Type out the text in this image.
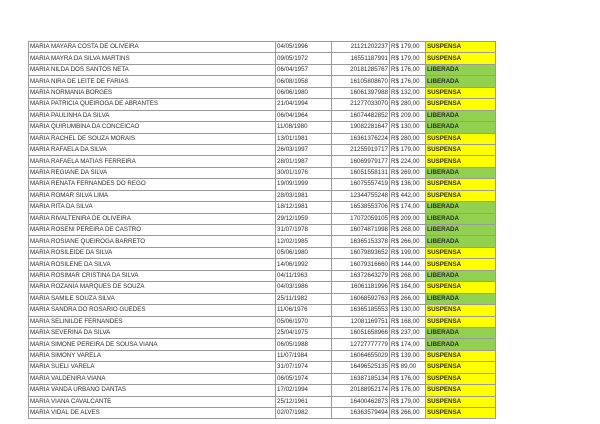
MARIA MAYARA COSTA DE OLIVEIRA	04/05/1996	21121202237	R$ 179,00	SUSPENSA
MARIA MAYRA DA SILVA MARTINS	09/05/1972	16551187991	R$ 179,00	SUSPENSA
MARIA NILDA DOS SANTOS NETA	06/04/1957	20181285767	R$ 176,00	LIBERADA
MARIA NIRA DE LEITE DE FARIAS	06/08/1958	16105808670	R$ 176,00	LIBERADA
MARIA NORMANIA BORGES	06/06/1980	16061397988	R$ 132,00	SUSPENSA
MARIA PATRICIA QUEIROGA DE ABRANTES	21/04/1994	21277033070	R$ 280,00	SUSPENSA
MARIA PAULINHA DA SILVA	06/04/1964	16074482852	R$ 209,00	LIBERADA
MARIA QUIRUMBINA DA CONCEICAO	11/08/1980	19082281647	R$ 130,00	LIBERADA
MARIA RACHEL DE SOUZA MORAIS	13/01/1981	16361376224	R$ 280,00	SUSPENSA
MARIA RAFAELA DA SILVA	26/03/1997	21255919717	R$ 179,00	SUSPENSA
MARIA RAFAELA MATIAS FERREIRA	28/01/1987	16069979177	R$ 224,00	SUSPENSA
MARIA REGIANE DA SILVA	30/01/1976	16051558131	R$ 269,00	LIBERADA
MARIA RENATA FERNANDES DO REGO	19/09/1999	16075557419	R$ 136,00	SUSPENSA
MARIA ROMAR SILVA LIMA	28/03/1981	12344755248	R$ 442,00	SUSPENSA
MARIA RITA DA SILVA	18/12/1981	16538553706	R$ 174,00	LIBERADA
MARIA RIVALTENIRA DE OLIVEIRA	29/12/1959	17072059105	R$ 209,00	LIBERADA
MARIA ROSENI PEREIRA DE CASTRO	31/07/1978	16074871998	R$ 268,00	LIBERADA
MARIA ROSIANE QUEIROGA BARRETO	12/02/1985	16365153378	R$ 266,00	LIBERADA
MARIA ROSILEIDE DA SILVA	05/06/1980	16079893652	R$ 199,00	SUSPENSA
MARIA ROSILENE DA SILVA	14/06/1992	16079316660	R$ 144,00	SUSPENSA
MARIA ROSIMAR CRISTINA DA SILVA	04/11/1963	16372643279	R$ 268,00	LIBERADA
MARIA ROZANIA MARQUES DE SOUZA	04/03/1986	16061181996	R$ 164,00	SUSPENSA
MARIA SAMILE SOUZA SILVA	25/11/1982	16068592763	R$ 266,00	LIBERADA
MARIA SANDRA DO ROSARIO GUEDES	11/06/1976	16365185553	R$ 130,00	SUSPENSA
MARIA SELINILDE FERNANDES	05/06/1970	12081169751	R$ 168,00	SUSPENSA
MARIA SEVERINA DA SILVA	25/04/1975	16051658966	R$ 237,00	LIBERADA
MARIA SIMONE PEREIRA DE SOUSA VIANA	06/05/1988	12727777779	R$ 174,00	LIBERADA
MARIA SIMONY VARELA	11/07/1984	16064655029	R$ 139,00	SUSPENSA
MARIA SUELI VARELA	31/07/1974	16496525135	R$ 89,00	SUSPENSA
MARIA VALDENIRA VIANA	06/05/1974	16387185134	R$ 176,00	SUSPENSA
MARIA VANDA URBANO DANTAS	17/02/1994	20188952174	R$ 176,00	SUSPENSA
MARIA VIANA CAVALCANTE	25/12/1961	16400462873	R$ 179,00	SUSPENSA
MARIA VIDAL DE ALVES	02/07/1982	16363579494	R$ 266,00	SUSPENSA
